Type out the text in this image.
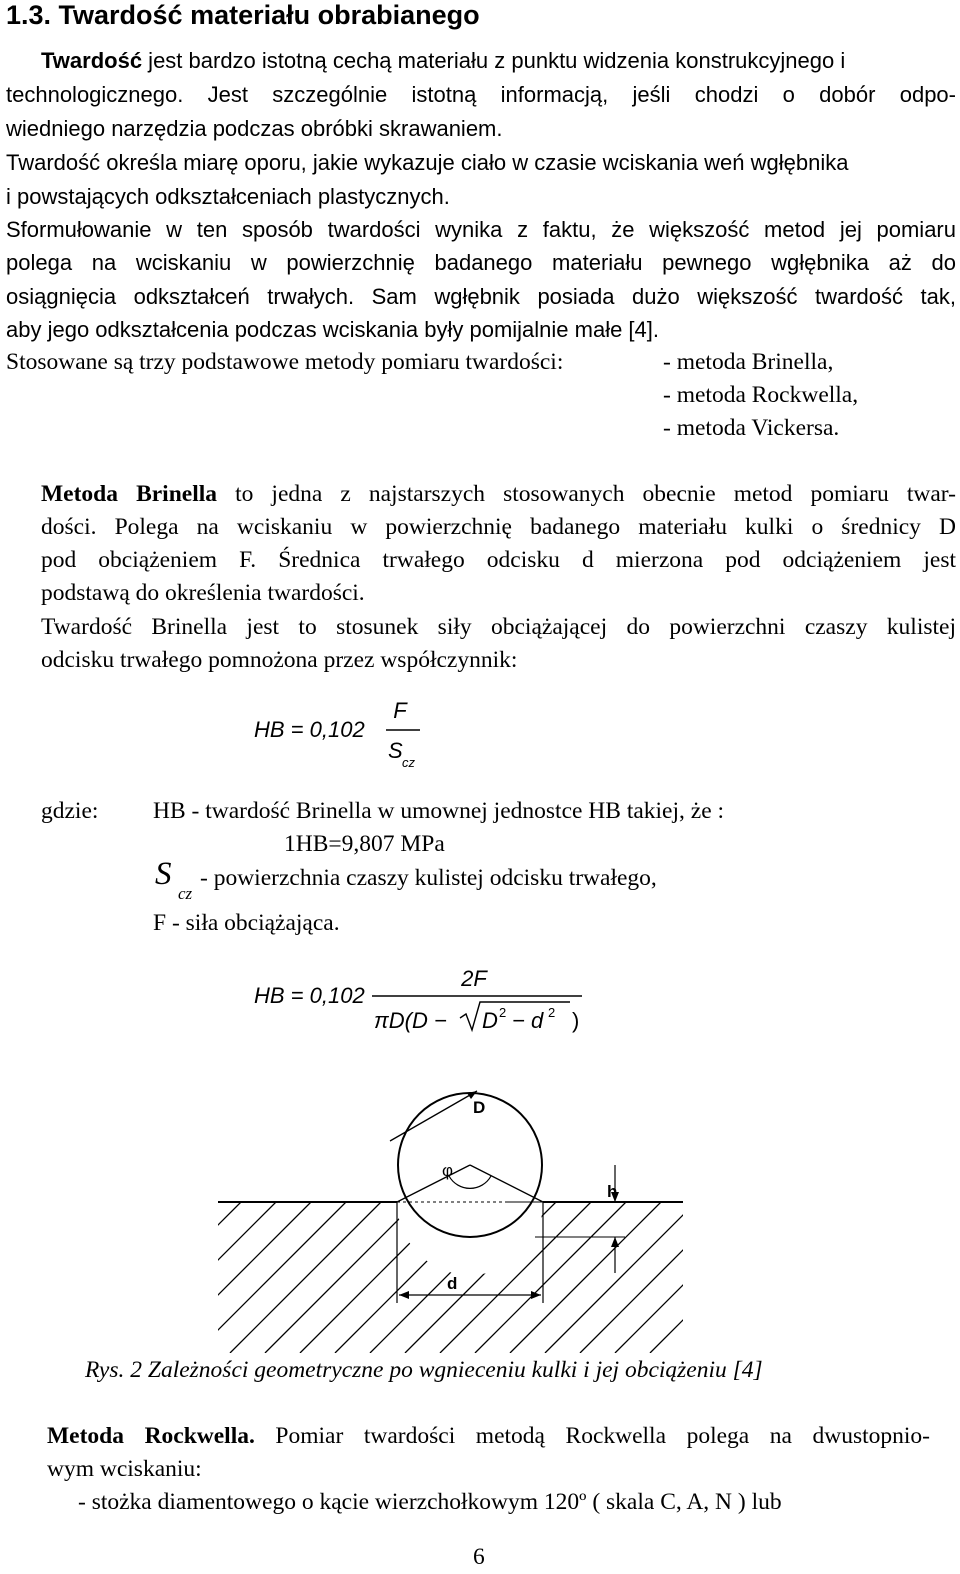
1.3. Twardość materiału obrabianego
Twardość jest bardzo istotną cechą materiału z punktu widzenia konstrukcyjnego i
technologicznego. Jest szczególnie istotną informacją, jeśli chodzi o dobór odpo-
wiedniego narzędzia podczas obróbki skrawaniem.
Twardość określa miarę oporu, jakie wykazuje ciało w czasie wciskania weń wgłębnika
i powstających odkształceniach plastycznych.
Sformułowanie w ten sposób twardości wynika z faktu, że większość metod jej pomiaru
polega na wciskaniu w powierzchnię badanego materiału pewnego wgłębnika aż do
osiągnięcia odkształceń trwałych. Sam wgłębnik posiada dużo większość twardość tak,
aby jego odkształcenia podczas wciskania były pomijalnie małe [4].
Stosowane są trzy podstawowe metody pomiaru twardości:	- metoda Brinella,
- metoda Rockwella,
- metoda Vickersa.
Metoda Brinella to jedna z najstarszych stosowanych obecnie metod pomiaru twar-
dości. Polega na wciskaniu w powierzchnię badanego materiału kulki o średnicy D
pod obciążeniem F. Średnica trwałego odcisku d mierzona pod odciążeniem jest
podstawą do określenia twardości.
Twardość Brinella jest to stosunek siły obciążającej do powierzchni czaszy kulistej
odcisku trwałego pomnożona przez współczynnik:
HB = 0,102
F
S cz
gdzie: HB - twardość Brinella w umownej jednostce HB takiej, że :
1HB=9,807 MPa
S
cz
- powierzchnia czaszy kulistej odcisku trwałego,
F - siła obciążająca.
HB = 0,102
2F
πD(D − D 2 − d 2 )
D
φ
h
d
Rys. 2 Zależności geometryczne po wgnieceniu kulki i jej obciążeniu [4]
Metoda Rockwella. Pomiar twardości metodą Rockwella polega na dwustopnio-
wym wciskaniu:
- stożka diamentowego o kącie wierzchołkowym 120º ( skala C, A, N ) lub
6
